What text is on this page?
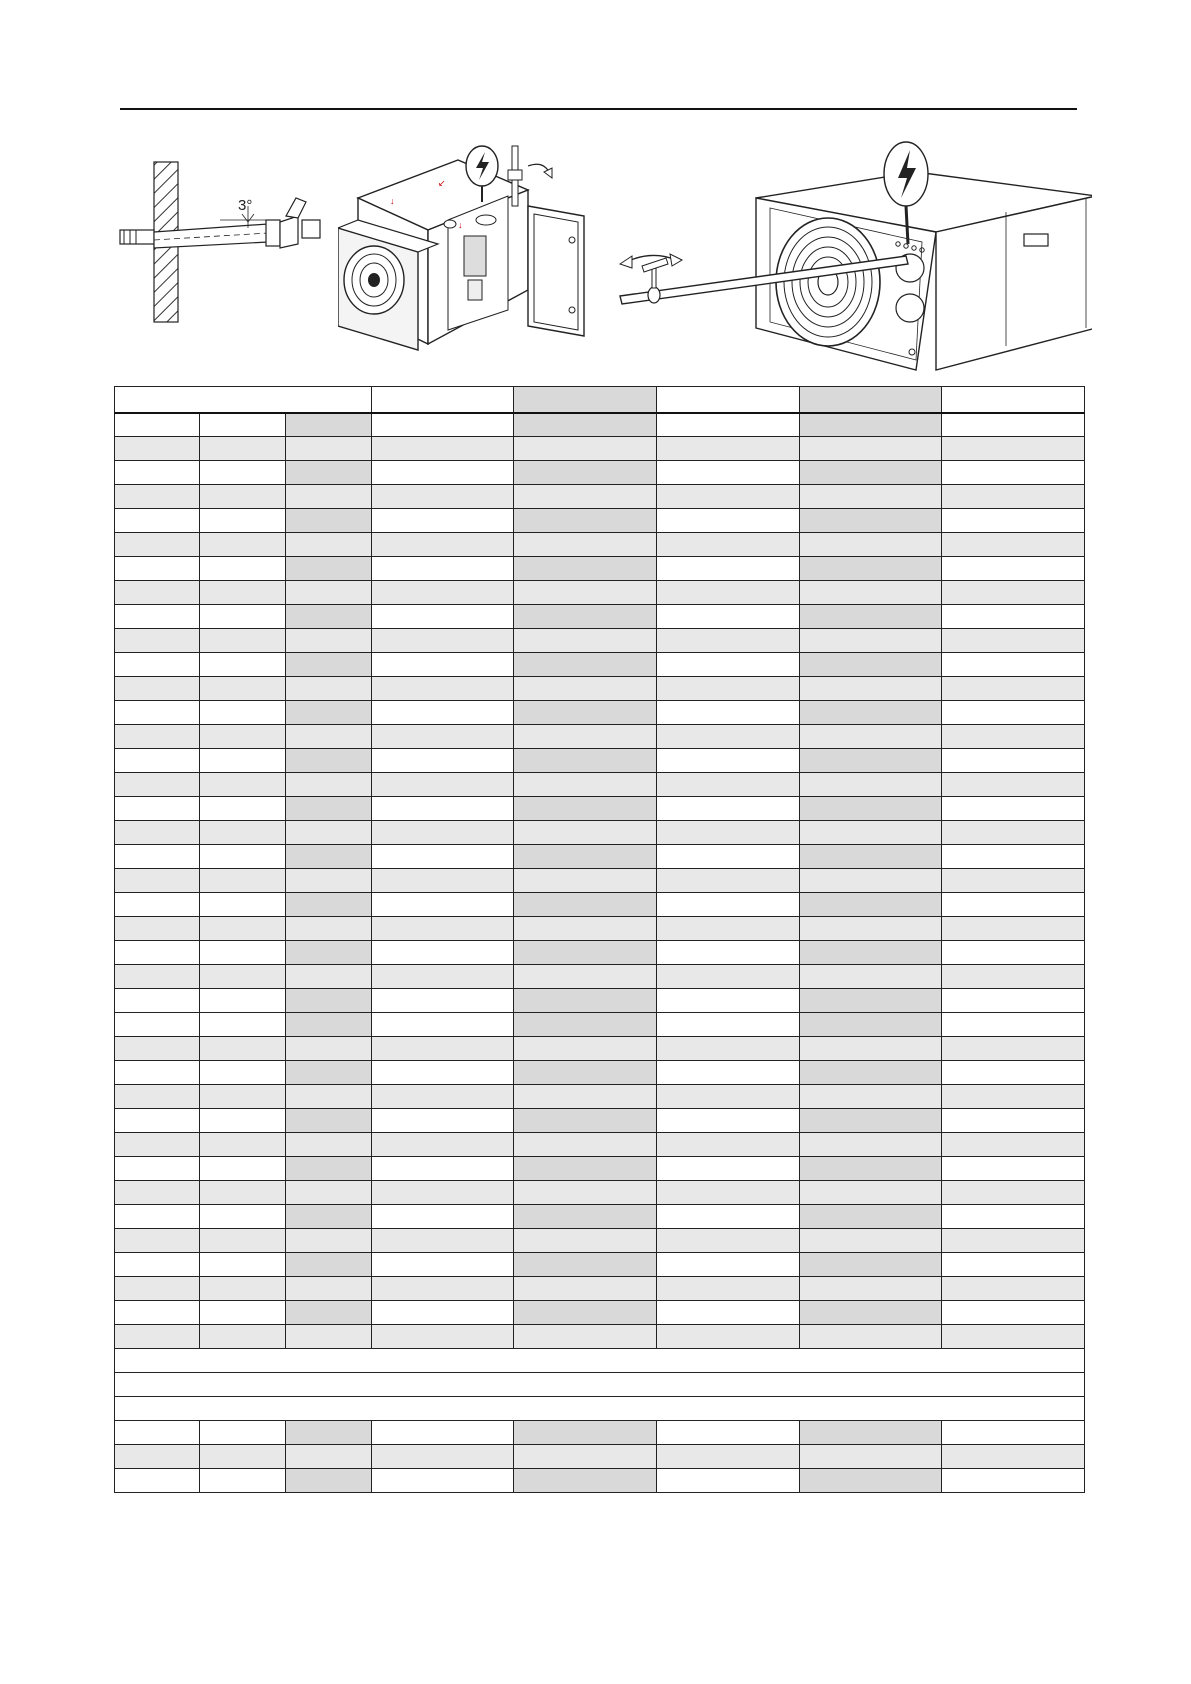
3°
↙
↓
↓
